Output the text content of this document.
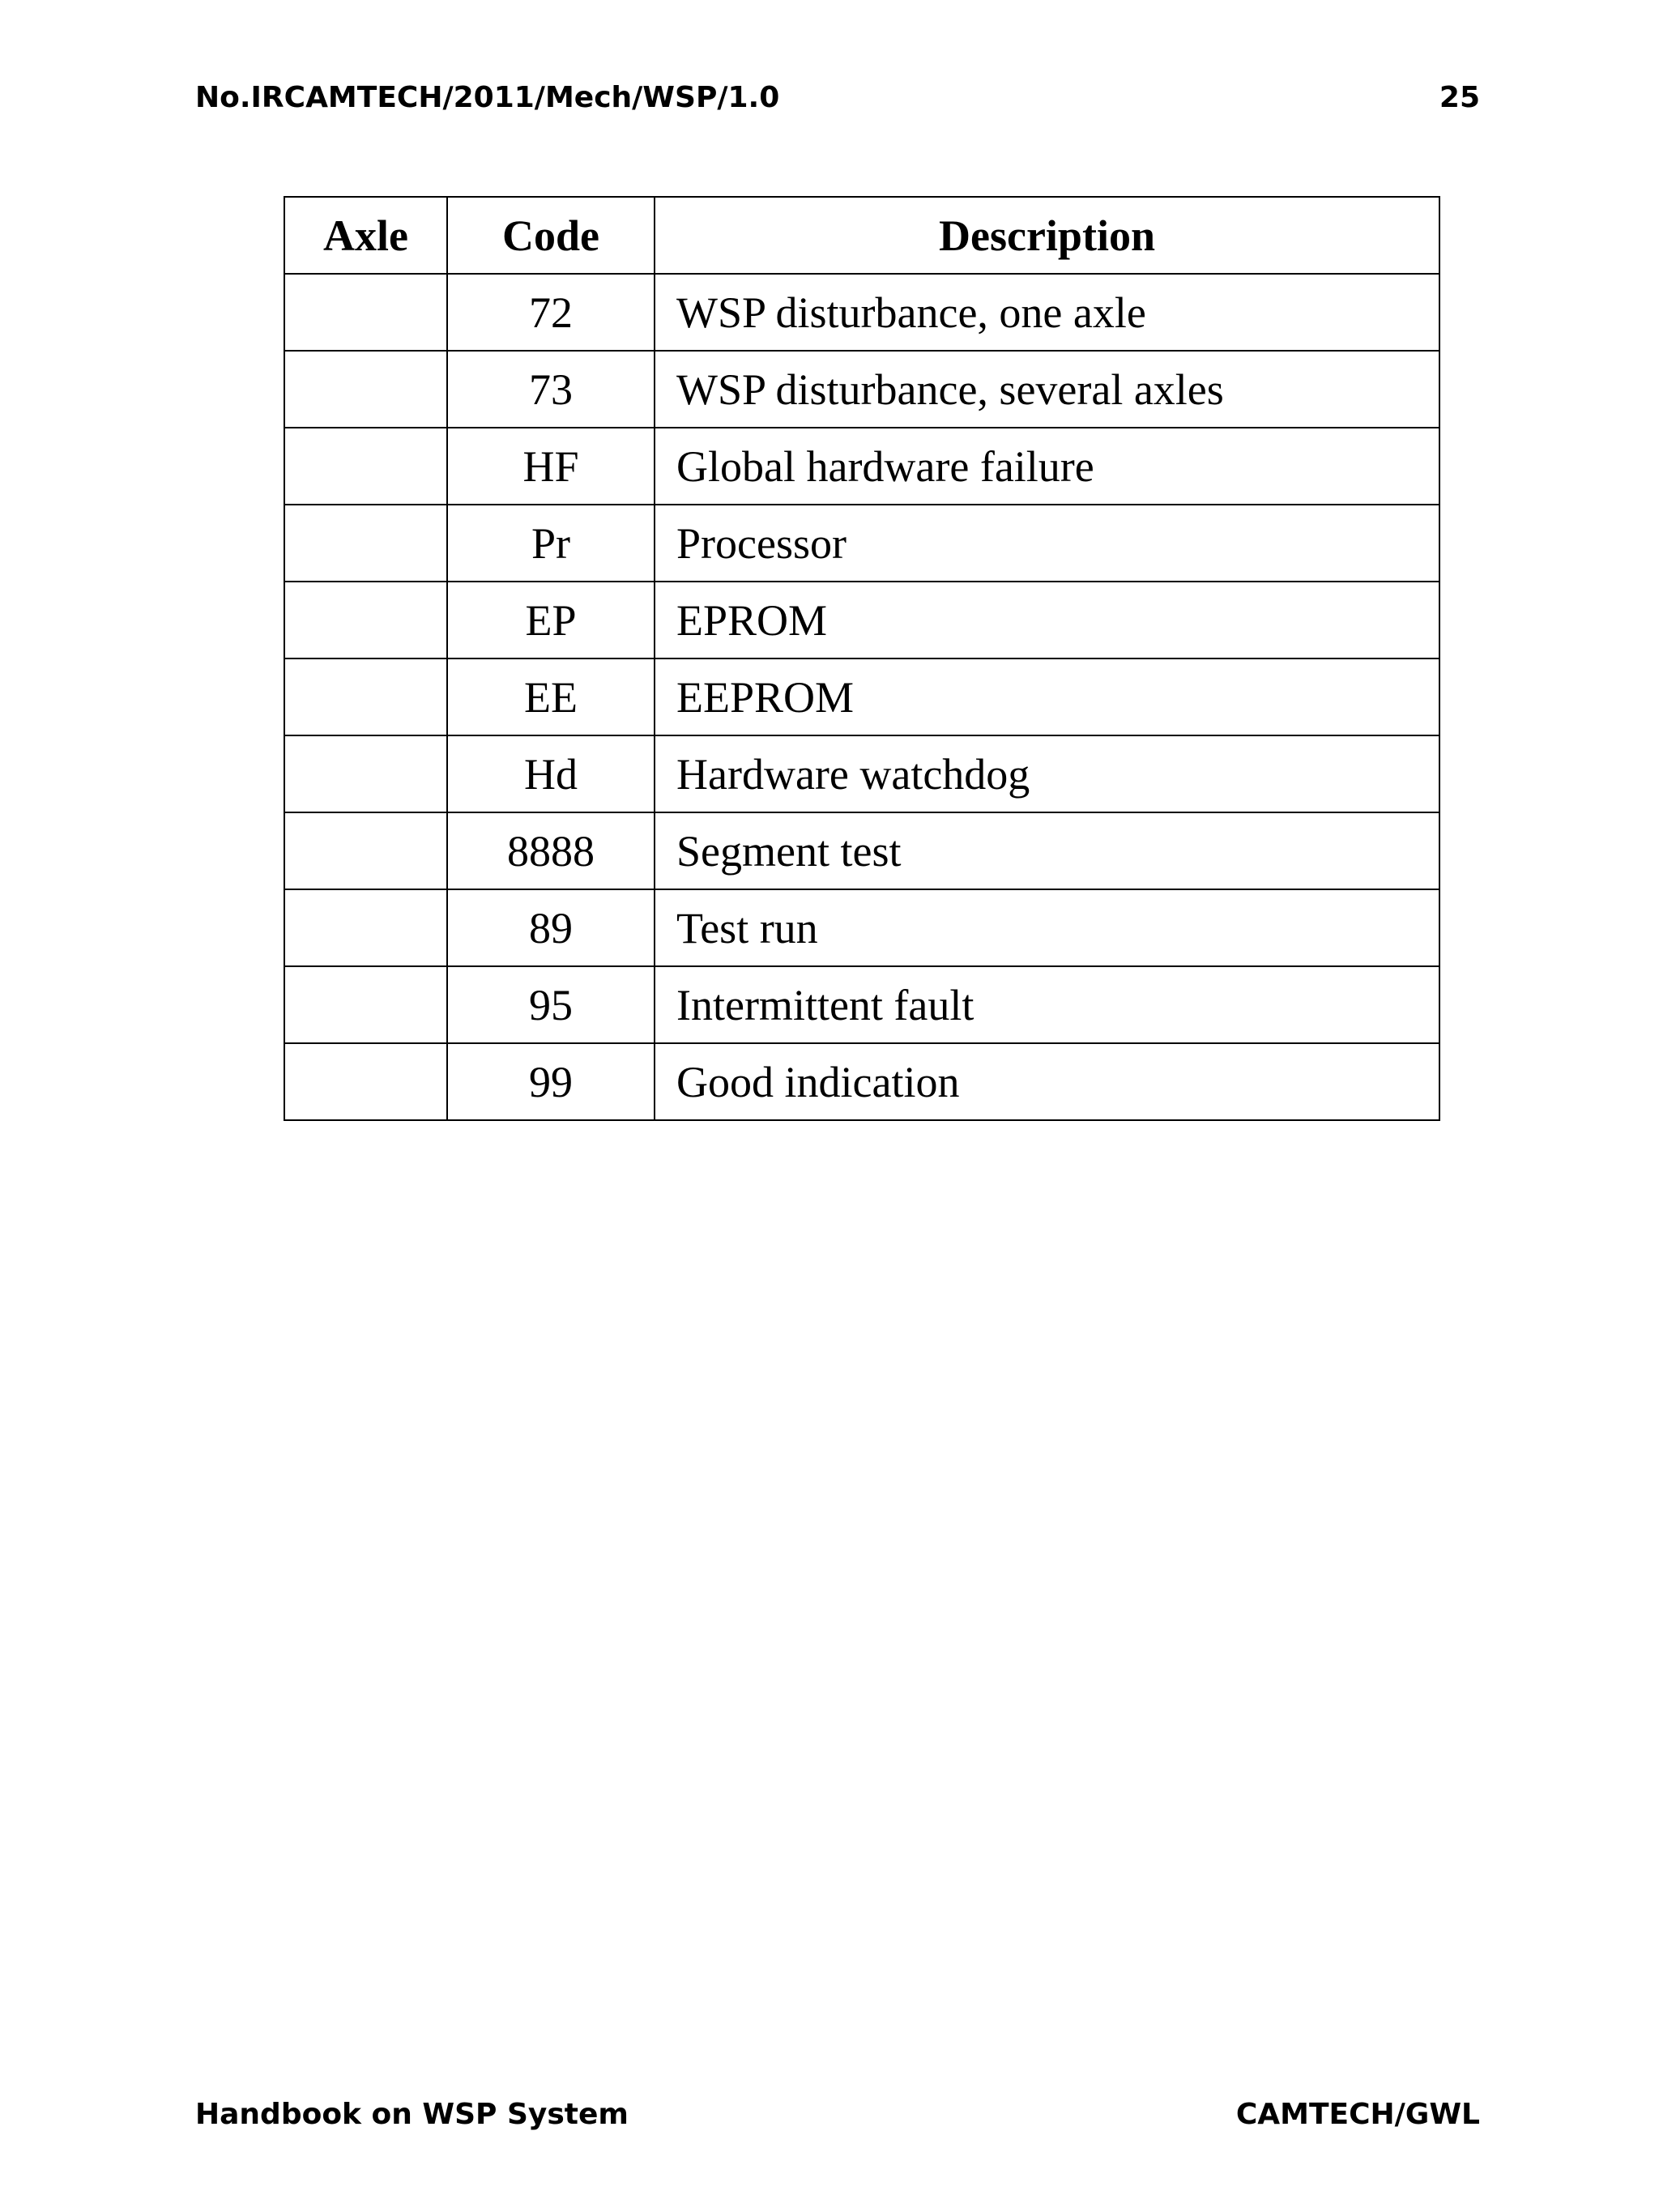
No.IRCAMTECH/2011/Mech/WSP/1.0	25
Axle	Code	Description
	72	WSP disturbance, one axle
	73	WSP disturbance, several axles
	HF	Global hardware failure
	Pr	Processor
	EP	EPROM
	EE	EEPROM
	Hd	Hardware watchdog
	8888	Segment test
	89	Test run
	95	Intermittent fault
	99	Good indication
Handbook on WSP System	CAMTECH/GWL
